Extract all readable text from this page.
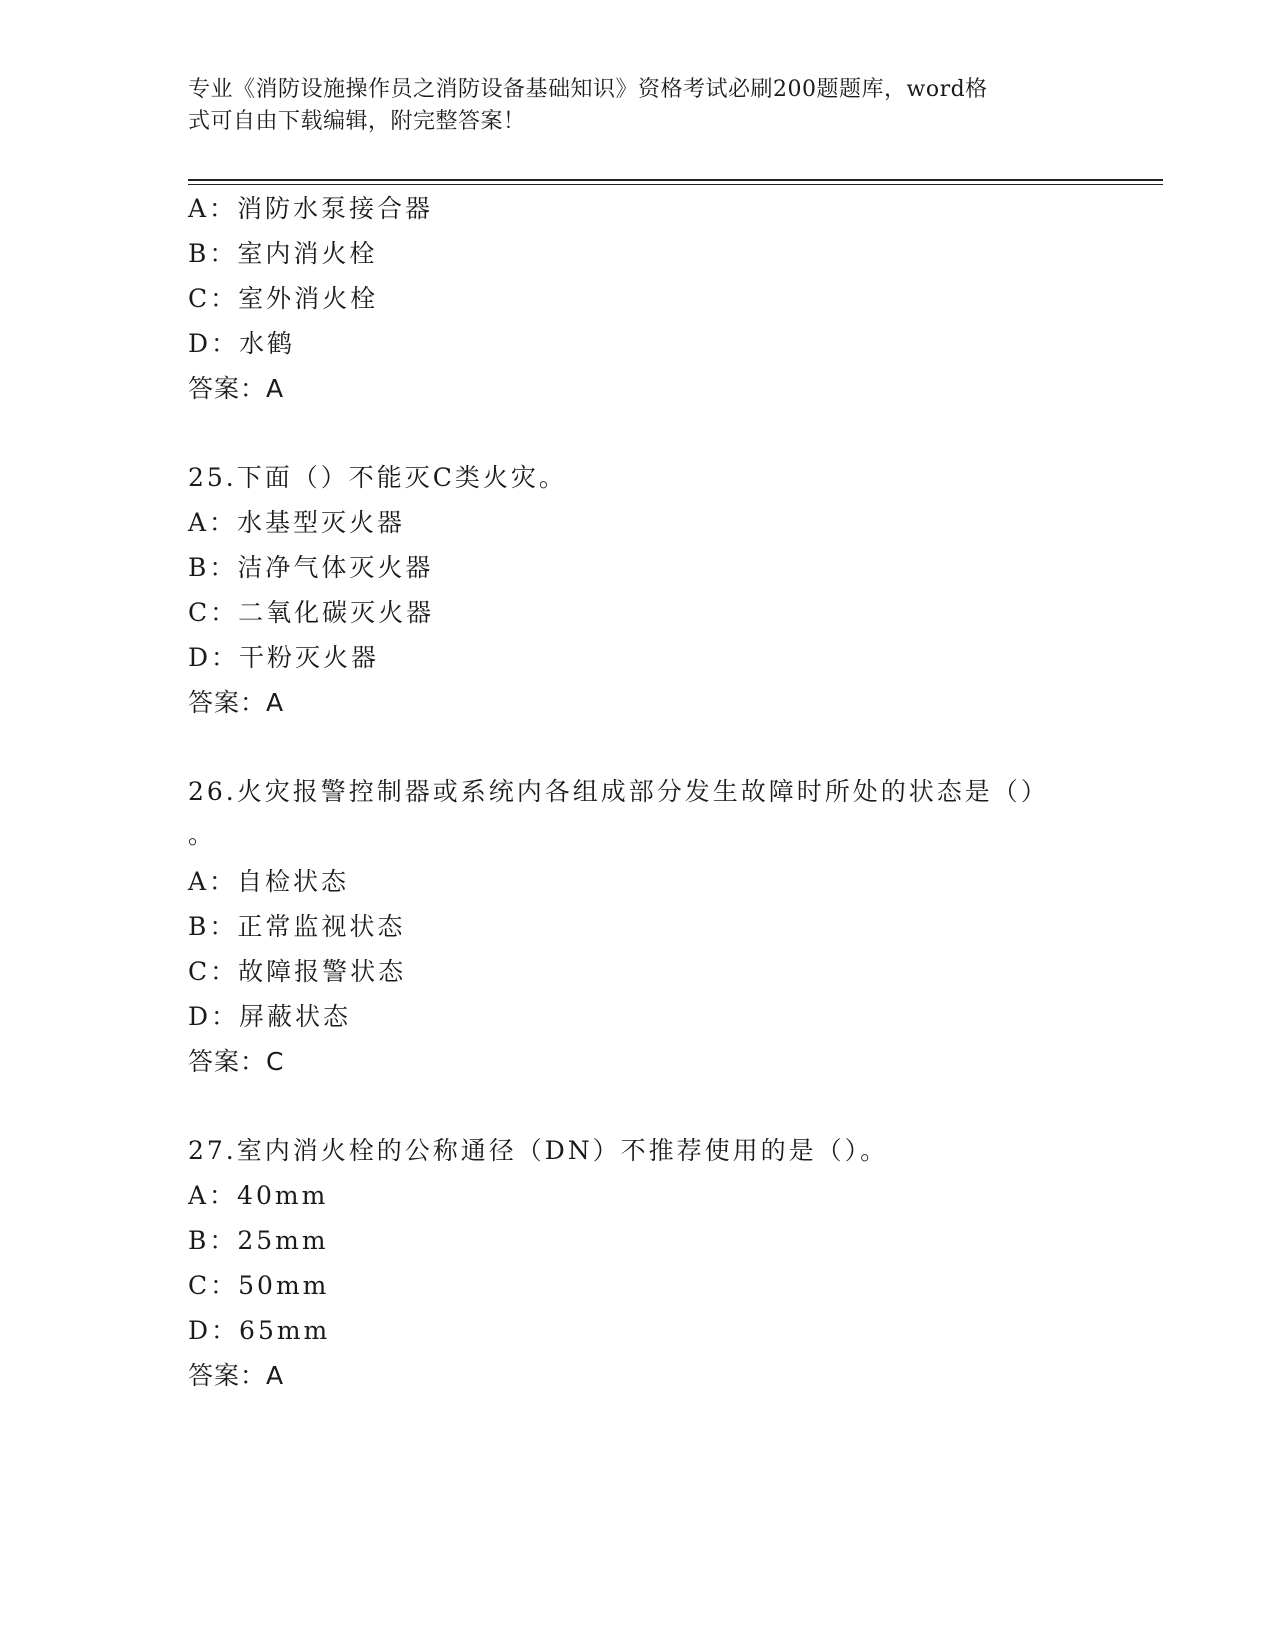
专业《消防设施操作员之消防设备基础知识》资格考试必刷200题题库，word格
式可自由下载编辑，附完整答案！
A：消防水泵接合器
B：室内消火栓
C：室外消火栓
D：水鹤
答案：A
25.下面（）不能灭C类火灾。
A：水基型灭火器
B：洁净气体灭火器
C：二氧化碳灭火器
D：干粉灭火器
答案：A
26.火灾报警控制器或系统内各组成部分发生故障时所处的状态是（）
。
A：自检状态
B：正常监视状态
C：故障报警状态
D：屏蔽状态
答案：C
27.室内消火栓的公称通径（DN）不推荐使用的是（）。
A：40mm
B：25mm
C：50mm
D：65mm
答案：A
